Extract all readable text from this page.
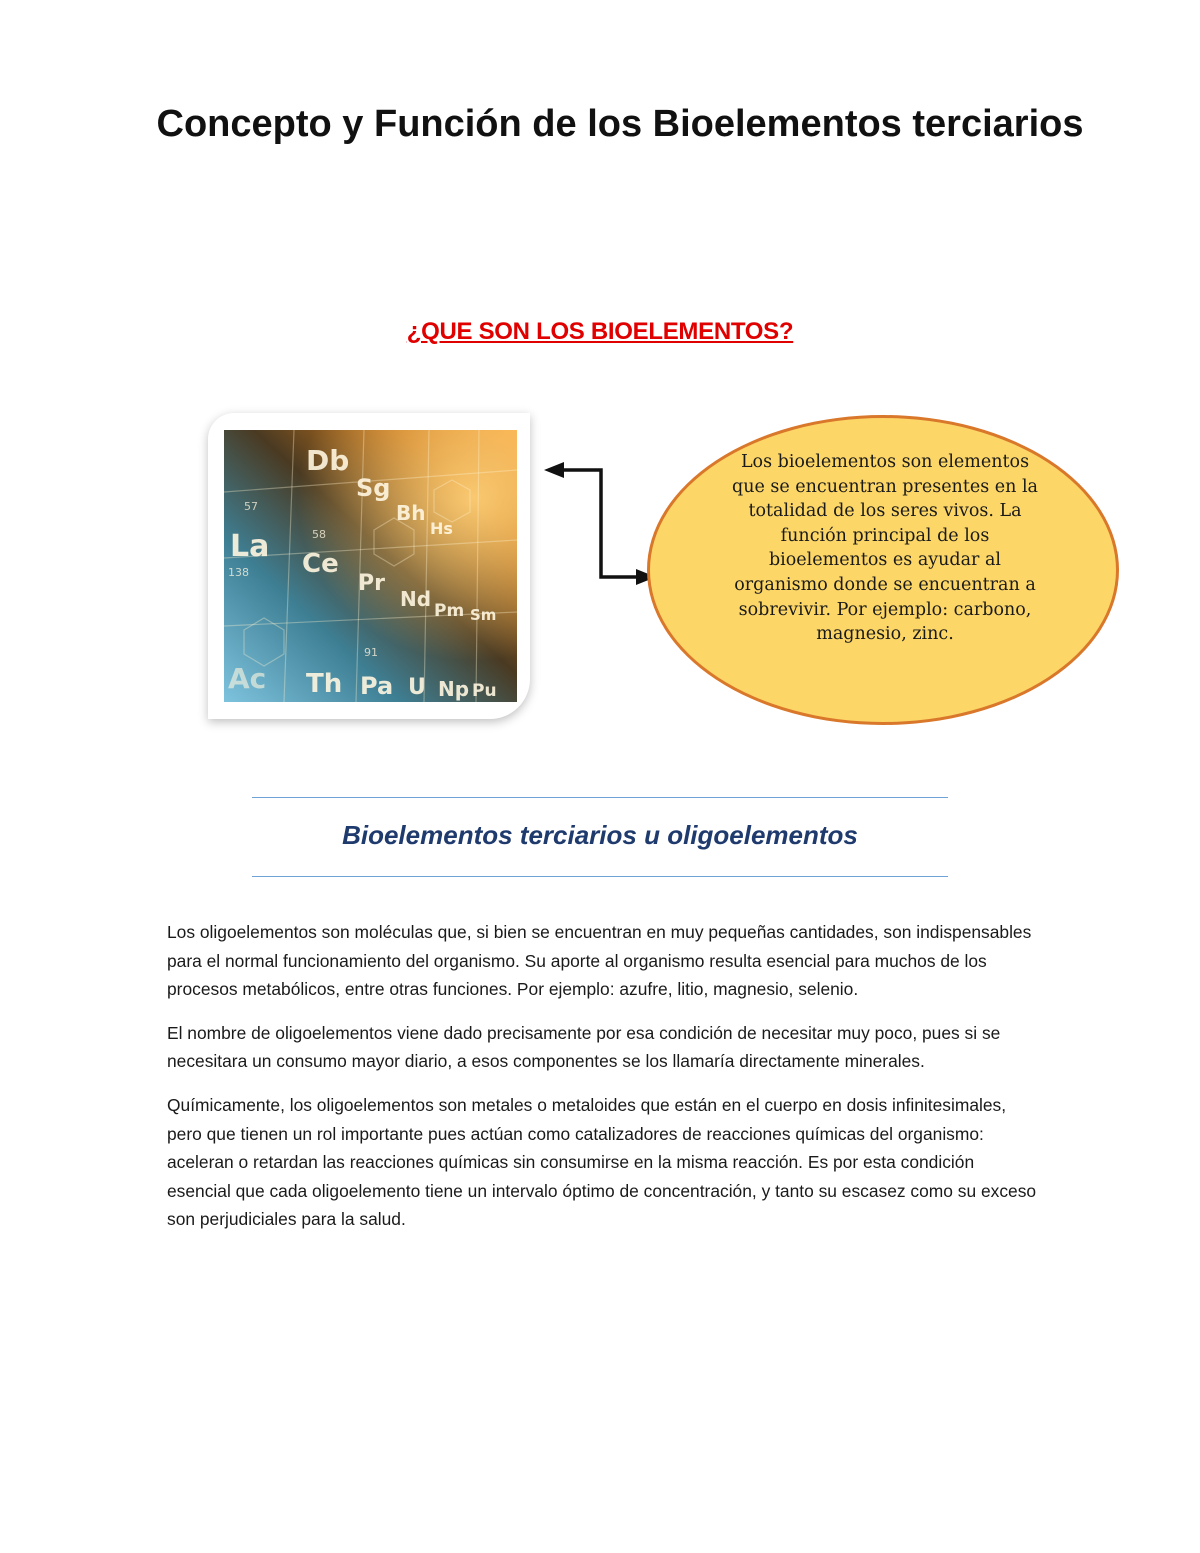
Concepto y Función de los Bioelementos terciarios
¿QUE SON LOS BIOELEMENTOS?
Db
Sg
Bh
Hs
La Ce
Pr
Nd Pm Sm
Ac Th Pa U Np Pu
57
58
91
138

Los bioelementos son elementos que se encuentran presentes en la totalidad de los seres vivos. La función principal de los bioelementos es ayudar al organismo donde se encuentran a sobrevivir. Por ejemplo: carbono, magnesio, zinc.

Bioelementos terciarios u oligoelementos

Los oligoelementos son moléculas que, si bien se encuentran en muy pequeñas cantidades, son indispensables para el normal funcionamiento del organismo. Su aporte al organismo resulta esencial para muchos de los procesos metabólicos, entre otras funciones. Por ejemplo: azufre, litio, magnesio, selenio.

El nombre de oligoelementos viene dado precisamente por esa condición de necesitar muy poco, pues si se necesitara un consumo mayor diario, a esos componentes se los llamaría directamente minerales.

Químicamente, los oligoelementos son metales o metaloides que están en el cuerpo en dosis infinitesimales, pero que tienen un rol importante pues actúan como catalizadores de reacciones químicas del organismo: aceleran o retardan las reacciones químicas sin consumirse en la misma reacción. Es por esta condición esencial que cada oligoelemento tiene un intervalo óptimo de concentración, y tanto su escasez como su exceso son perjudiciales para la salud.
